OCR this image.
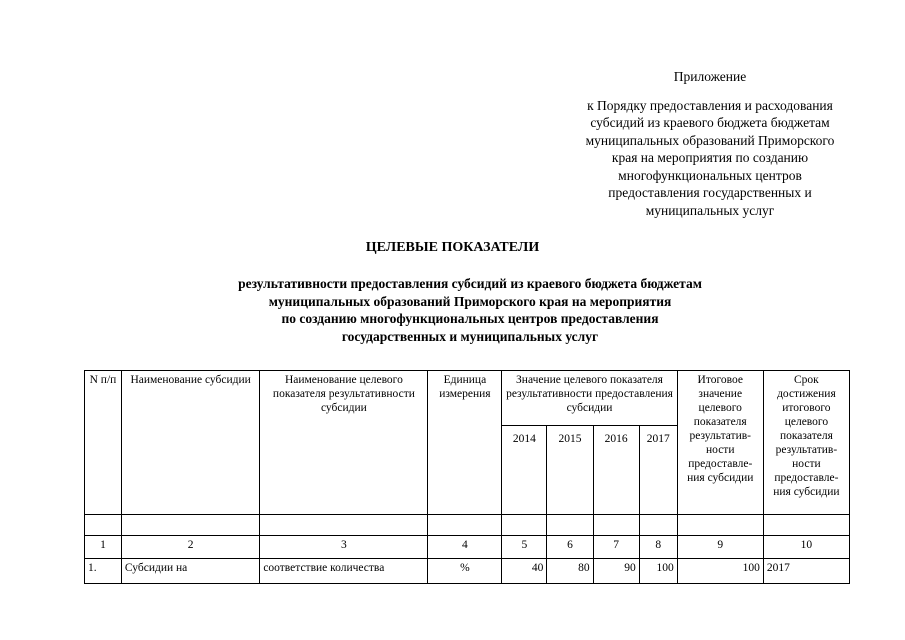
Приложение
к Порядку предоставления и расходования
субсидий из краевого бюджета бюджетам
муниципальных образований Приморского
края на мероприятия по созданию
многофункциональных центров
предоставления государственных и
муниципальных услуг
ЦЕЛЕВЫЕ ПОКАЗАТЕЛИ
результативности предоставления субсидий из краевого бюджета бюджетам
муниципальных образований Приморского края на мероприятия
по созданию многофункциональных центров предоставления
государственных и муниципальных услуг
N п/п	Наименование субсидии	Наименование целевого показателя результативности субсидии	Единица измерения	Значение целевого показателя результативности предоставления субсидии				Итоговое значение целевого показателя результатив-ности предоставле-ния субсидии	Срок достижения итогового целевого показателя результатив-ности предоставле-ния субсидии
				2014	2015	2016	2017		

1	2	3	4	5	6	7	8	9	10
1.	Субсидии на	соответствие количества	%	40	80	90	100	100	2017
